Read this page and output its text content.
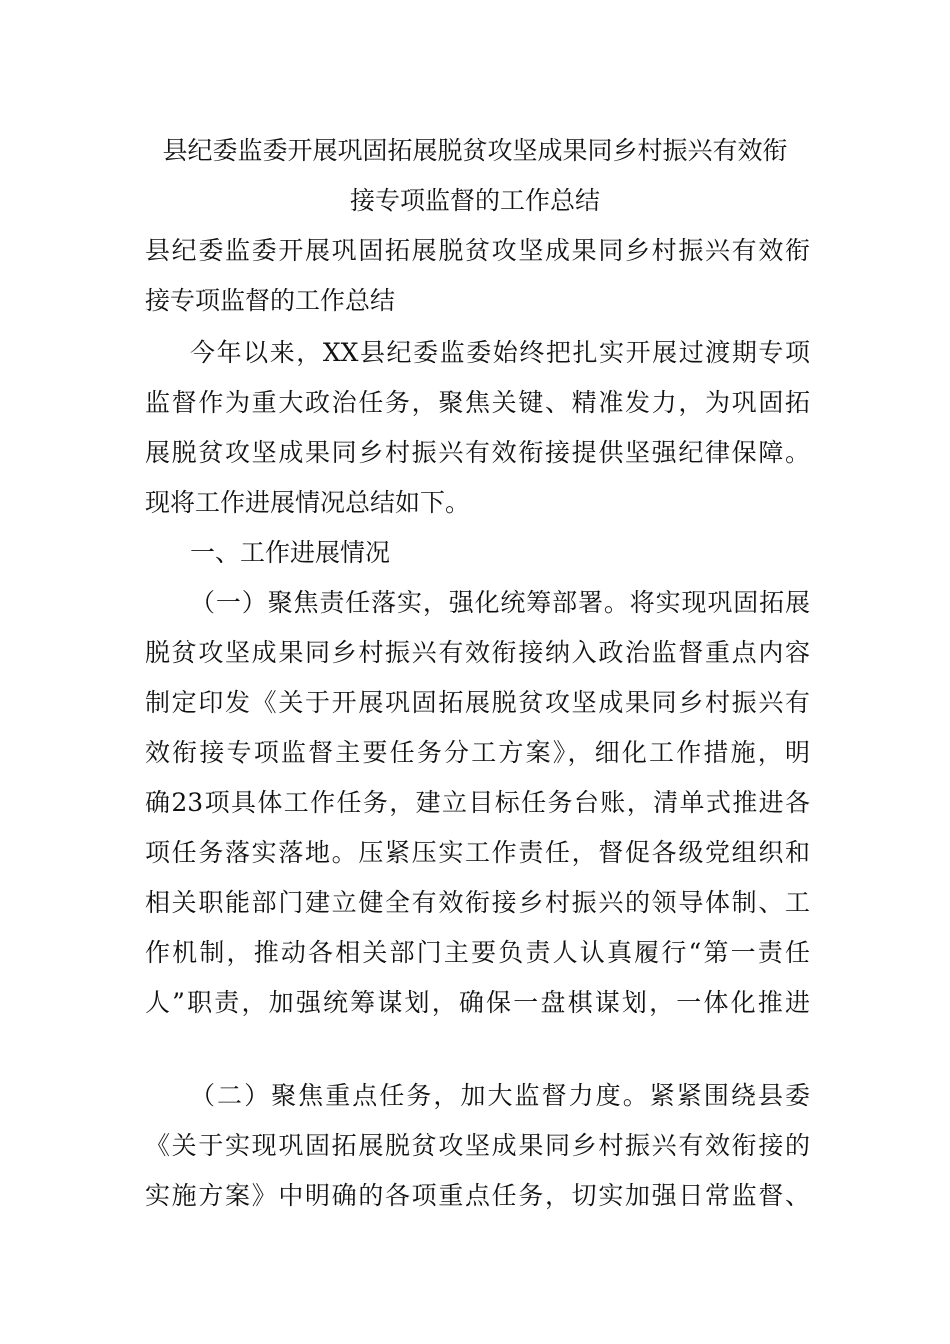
县纪委监委开展巩固拓展脱贫攻坚成果同乡村振兴有效衔
接专项监督的工作总结
县纪委监委开展巩固拓展脱贫攻坚成果同乡村振兴有效衔
接专项监督的工作总结
今年以来，XX县纪委监委始终把扎实开展过渡期专项
监督作为重大政治任务，聚焦关键、精准发力，为巩固拓
展脱贫攻坚成果同乡村振兴有效衔接提供坚强纪律保障。
现将工作进展情况总结如下。
一、工作进展情况
（一）聚焦责任落实，强化统筹部署。将实现巩固拓展
脱贫攻坚成果同乡村振兴有效衔接纳入政治监督重点内容
制定印发《关于开展巩固拓展脱贫攻坚成果同乡村振兴有
效衔接专项监督主要任务分工方案》，细化工作措施，明
确23项具体工作任务，建立目标任务台账，清单式推进各
项任务落实落地。压紧压实工作责任，督促各级党组织和
相关职能部门建立健全有效衔接乡村振兴的领导体制、工
作机制，推动各相关部门主要负责人认真履行“第一责任
人”职责，加强统筹谋划，确保一盘棋谋划，一体化推进
（二）聚焦重点任务，加大监督力度。紧紧围绕县委
《关于实现巩固拓展脱贫攻坚成果同乡村振兴有效衔接的
实施方案》中明确的各项重点任务，切实加强日常监督、
